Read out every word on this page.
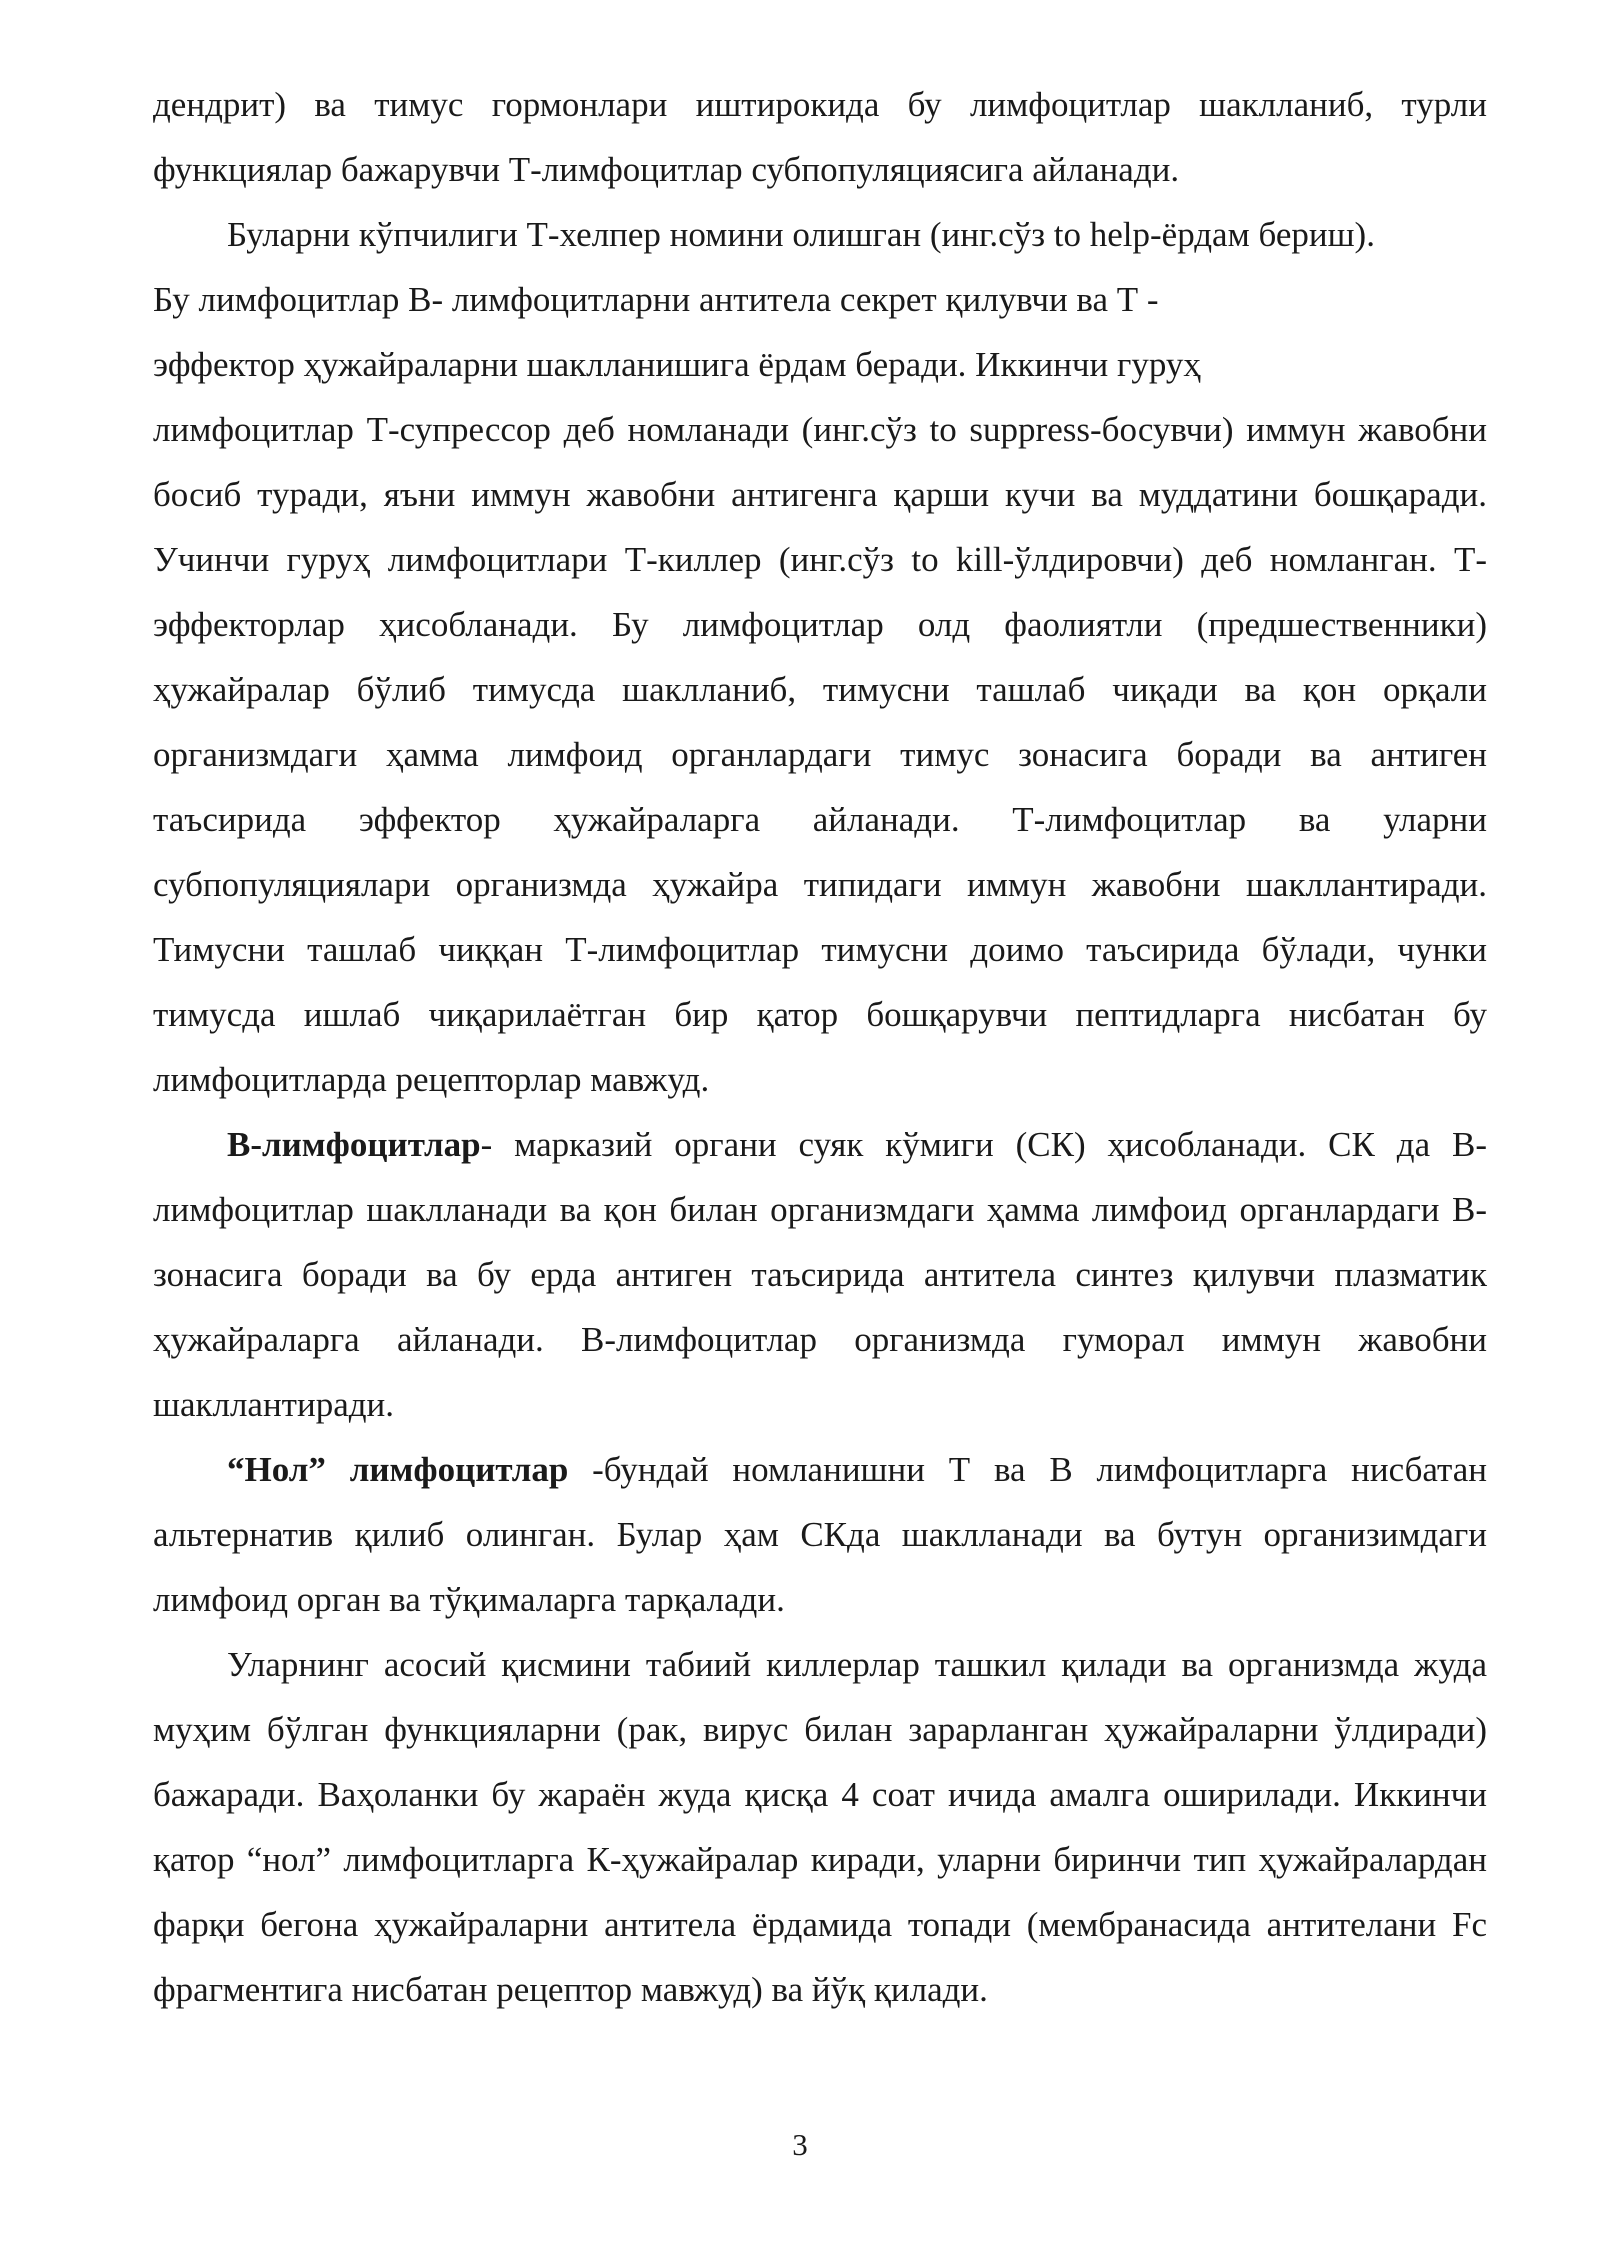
дендрит) ва тимус гормонлари иштирокида бу лимфоцитлар шаклланиб, турли функциялар бажарувчи Т-лимфоцитлар субпопуляциясига айланади.

Буларни кўпчилиги Т-хелпер номини олишган (инг.сўз to help-ёрдам бериш).

Бу лимфоцитлар В- лимфоцитларни антитела секрет қилувчи ва Т -

эффектор ҳужайраларни шаклланишига ёрдам беради. Иккинчи гуруҳ

лимфоцитлар Т-супрессор деб номланади (инг.сўз to suppress-босувчи) иммун жавобни босиб туради, яъни иммун жавобни антигенга қарши кучи ва муддатини бошқаради. Учинчи гуруҳ лимфоцитлари Т-киллер (инг.сўз to kill-ўлдировчи) деб номланган. Т-эффекторлар ҳисобланади. Бу лимфоцитлар олд фаолиятли (предшественники) ҳужайралар бўлиб тимусда шаклланиб, тимусни ташлаб чиқади ва қон орқали организмдаги ҳамма лимфоид органлардаги тимус зонасига боради ва антиген таъсирида эффектор ҳужайраларга айланади. Т-лимфоцитлар ва уларни субпопуляциялари организмда ҳужайра типидаги иммун жавобни шакллантиради. Тимусни ташлаб чиққан Т-лимфоцитлар тимусни доимо таъсирида бўлади, чунки тимусда ишлаб чиқарилаётган бир қатор бошқарувчи пептидларга нисбатан бу лимфоцитларда рецепторлар мавжуд.

В-лимфоцитлар- марказий органи суяк кўмиги (СК) ҳисобланади. СК да В-лимфоцитлар шаклланади ва қон билан организмдаги ҳамма лимфоид органлардаги В- зонасига боради ва бу ерда антиген таъсирида антитела синтез қилувчи плазматик ҳужайраларга айланади. В-лимфоцитлар организмда гуморал иммун жавобни шакллантиради.

“Нол” лимфоцитлар -бундай номланишни Т ва В лимфоцитларга нисбатан альтернатив қилиб олинган. Булар ҳам СКда шаклланади ва бутун организимдаги лимфоид орган ва тўқималарга тарқалади.

Уларнинг асосий қисмини табиий киллерлар ташкил қилади ва организмда жуда муҳим бўлган функцияларни (рак, вирус билан зарарланган ҳужайраларни ўлдиради) бажаради. Ваҳоланки бу жараён жуда қисқа 4 соат ичида амалга оширилади. Иккинчи қатор “нол” лимфоцитларга К-ҳужайралар киради, уларни биринчи тип ҳужайралардан фарқи бегона ҳужайраларни антитела ёрдамида топади (мембранасида антителани Fc фрагментига нисбатан рецептор мавжуд) ва йўқ қилади.

3
